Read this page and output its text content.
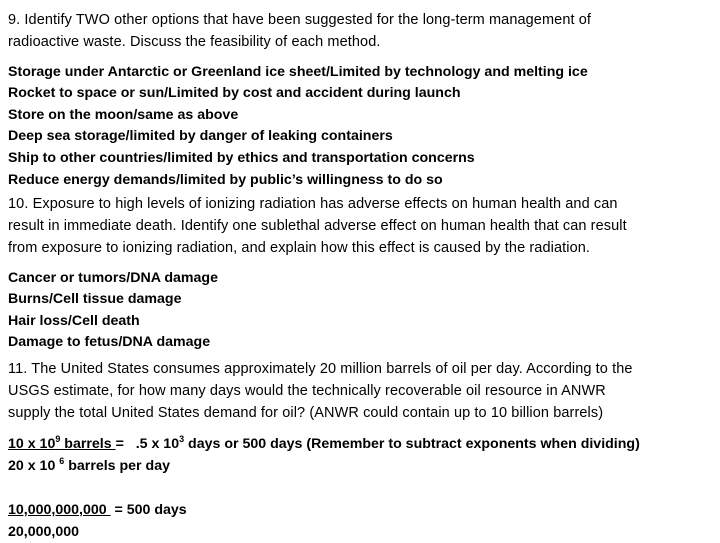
9. Identify TWO other options that have been suggested for the long-term management of
radioactive waste. Discuss the feasibility of each method.
Storage under Antarctic or Greenland ice sheet/Limited by technology and melting ice
Rocket to space or sun/Limited by cost and accident during launch
Store on the moon/same as above
Deep sea storage/limited by danger of leaking containers
Ship to other countries/limited by ethics and transportation concerns
Reduce energy demands/limited by public’s willingness to do so
10. Exposure to high levels of ionizing radiation has adverse effects on human health and can
result in immediate death. Identify one sublethal adverse effect on human health that can result
from exposure to ionizing radiation, and explain how this effect is caused by the radiation.
Cancer or tumors/DNA damage
Burns/Cell tissue damage
Hair loss/Cell death
Damage to fetus/DNA damage
11. The United States consumes approximately 20 million barrels of oil per day. According to the
USGS estimate, for how many days would the technically recoverable oil resource in ANWR
supply the total United States demand for oil? (ANWR could contain up to 10 billion barrels)
10 x $10^9$ barrels =   .5 x $10^3$ days or 500 days (Remember to subtract exponents when dividing)
20 x 10 $^6$ barrels per day
10,000,000,000  = 500 days
20,000,000
